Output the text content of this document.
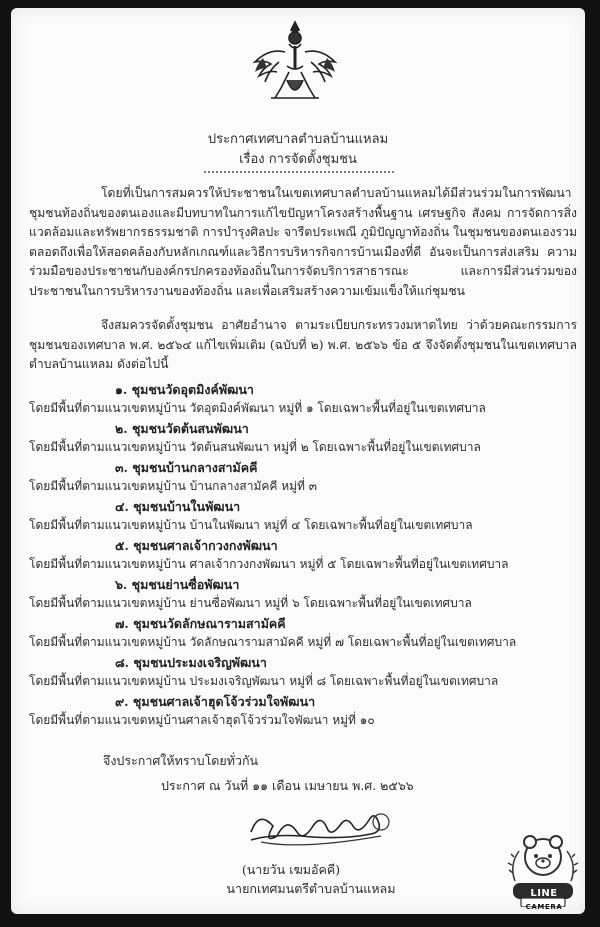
ประกาศเทศบาลตำบลบ้านแหลม
เรื่อง การจัดตั้งชุมชน
โดยที่เป็นการสมควรให้ประชาชนในเขตเทศบาลตำบลบ้านแหลมได้มีส่วนร่วมในการพัฒนาชุมชนท้องถิ่นของตนเองและมีบทบาทในการแก้ไขปัญหาโครงสร้างพื้นฐาน เศรษฐกิจ สังคม การจัดการสิ่งแวดล้อมและทรัพยากรธรรมชาติ การบำรุงศิลปะ จารีตประเพณี ภูมิปัญญาท้องถิ่น ในชุมชนของตนเองรวมตลอดถึงเพื่อให้สอดคล้องกับหลักเกณฑ์และวิธีการบริหารกิจการบ้านเมืองที่ดี อันจะเป็นการส่งเสริม ความร่วมมือของประชาชนกับองค์กรปกครองท้องถิ่นในการจัดบริการสาธารณะ และการมีส่วนร่วมของประชาชนในการบริหารงานของท้องถิ่น และเพื่อเสริมสร้างความเข้มแข็งให้แก่ชุมชน
จึงสมควรจัดตั้งชุมชน อาศัยอำนาจ ตามระเบียบกระทรวงมหาดไทย ว่าด้วยคณะกรรมการชุมชนของเทศบาล พ.ศ. ๒๕๖๔ แก้ไขเพิ่มเติม (ฉบับที่ ๒) พ.ศ. ๒๕๖๖ ข้อ ๕ จึงจัดตั้งชุมชนในเขตเทศบาลตำบลบ้านแหลม ดังต่อไปนี้
๑. ชุมชนวัดอุตมิงค์พัฒนา
โดยมีพื้นที่ตามแนวเขตหมู่บ้าน วัดอุตมิงค์พัฒนา หมู่ที่ ๑ โดยเฉพาะพื้นที่อยู่ในเขตเทศบาล
๒. ชุมชนวัดต้นสนพัฒนา
โดยมีพื้นที่ตามแนวเขตหมู่บ้าน วัดต้นสนพัฒนา หมู่ที่ ๒ โดยเฉพาะพื้นที่อยู่ในเขตเทศบาล
๓. ชุมชนบ้านกลางสามัคคี
โดยมีพื้นที่ตามแนวเขตหมู่บ้าน บ้านกลางสามัคคี หมู่ที่ ๓
๔. ชุมชนบ้านในพัฒนา
โดยมีพื้นที่ตามแนวเขตหมู่บ้าน บ้านในพัฒนา หมู่ที่ ๔ โดยเฉพาะพื้นที่อยู่ในเขตเทศบาล
๕. ชุมชนศาลเจ้ากวงกงพัฒนา
โดยมีพื้นที่ตามแนวเขตหมู่บ้าน ศาลเจ้ากวงกงพัฒนา หมู่ที่ ๕ โดยเฉพาะพื้นที่อยู่ในเขตเทศบาล
๖. ชุมชนย่านซื่อพัฒนา
โดยมีพื้นที่ตามแนวเขตหมู่บ้าน ย่านซื่อพัฒนา หมู่ที่ ๖ โดยเฉพาะพื้นที่อยู่ในเขตเทศบาล
๗. ชุมชนวัดลักษณารามสามัคคี
โดยมีพื้นที่ตามแนวเขตหมู่บ้าน วัดลักษณารามสามัคคี หมู่ที่ ๗ โดยเฉพาะพื้นที่อยู่ในเขตเทศบาล
๘. ชุมชนประมงเจริญพัฒนา
โดยมีพื้นที่ตามแนวเขตหมู่บ้าน ประมงเจริญพัฒนา หมู่ที่ ๘ โดยเฉพาะพื้นที่อยู่ในเขตเทศบาล
๙. ชุมชนศาลเจ้าฮุดโจ้วร่วมใจพัฒนา
โดยมีพื้นที่ตามแนวเขตหมู่บ้านศาลเจ้าฮุดโจ้วร่วมใจพัฒนา หมู่ที่ ๑๐
จึงประกาศให้ทราบโดยทั่วกัน
ประกาศ ณ วันที่ ๑๑ เดือน เมษายน พ.ศ. ๒๕๖๖
(นายวัน เฆมอัคคี)
นายกเทศมนตรีตำบลบ้านแหลม	LINE
CAMERA
